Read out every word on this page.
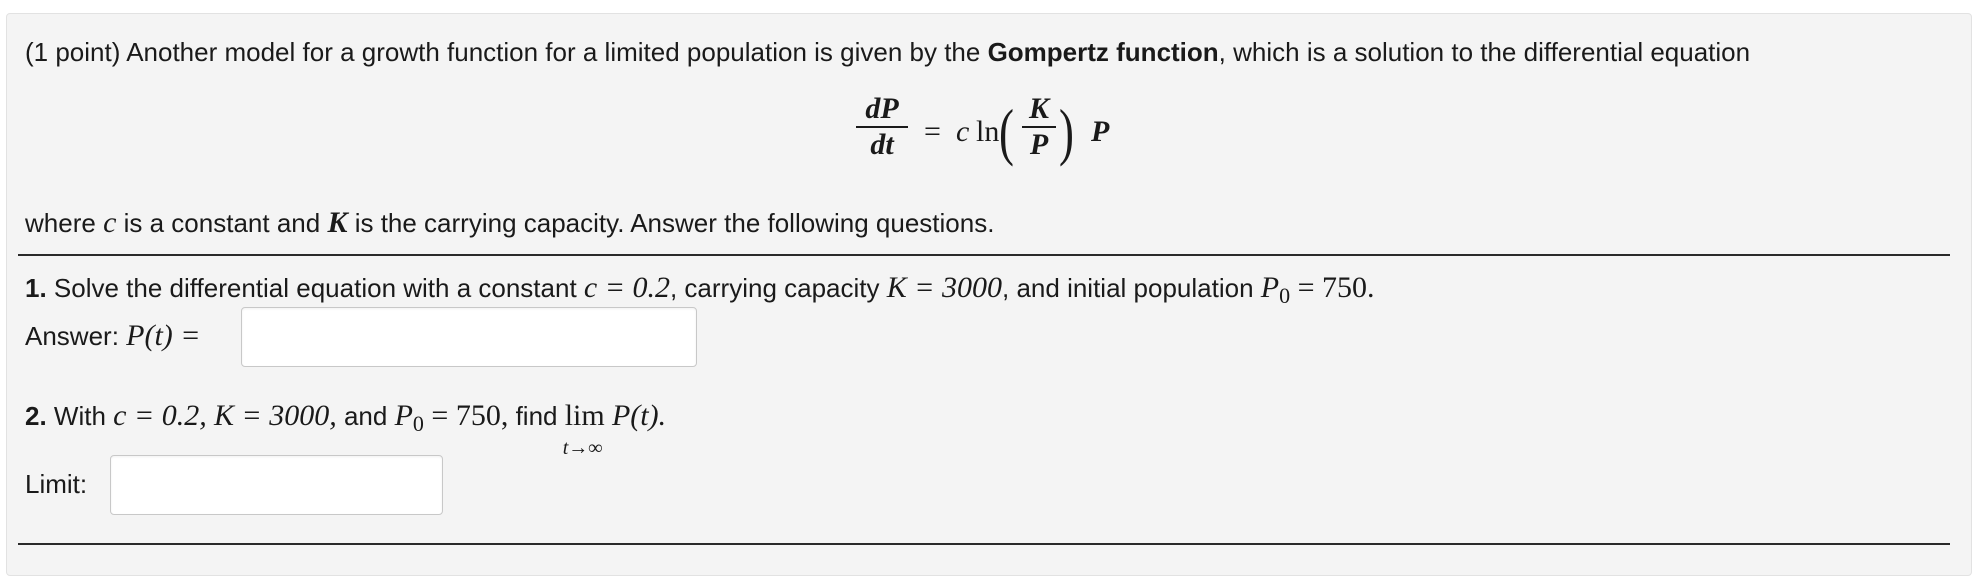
(1 point) Another model for a growth function for a limited population is given by the Gompertz function, which is a solution to the differential equation
dP
dt	= c ln ( K
P ) P
where c is a constant and K is the carrying capacity. Answer the following questions.
1. Solve the differential equation with a constant c = 0.2, carrying capacity K = 3000, and initial population $P_0 = 750$.
Answer: P(t) =
2. With c = 0.2, K = 3000, and $P_0 = 750$, find lim
t→∞
P(t).
Limit:
